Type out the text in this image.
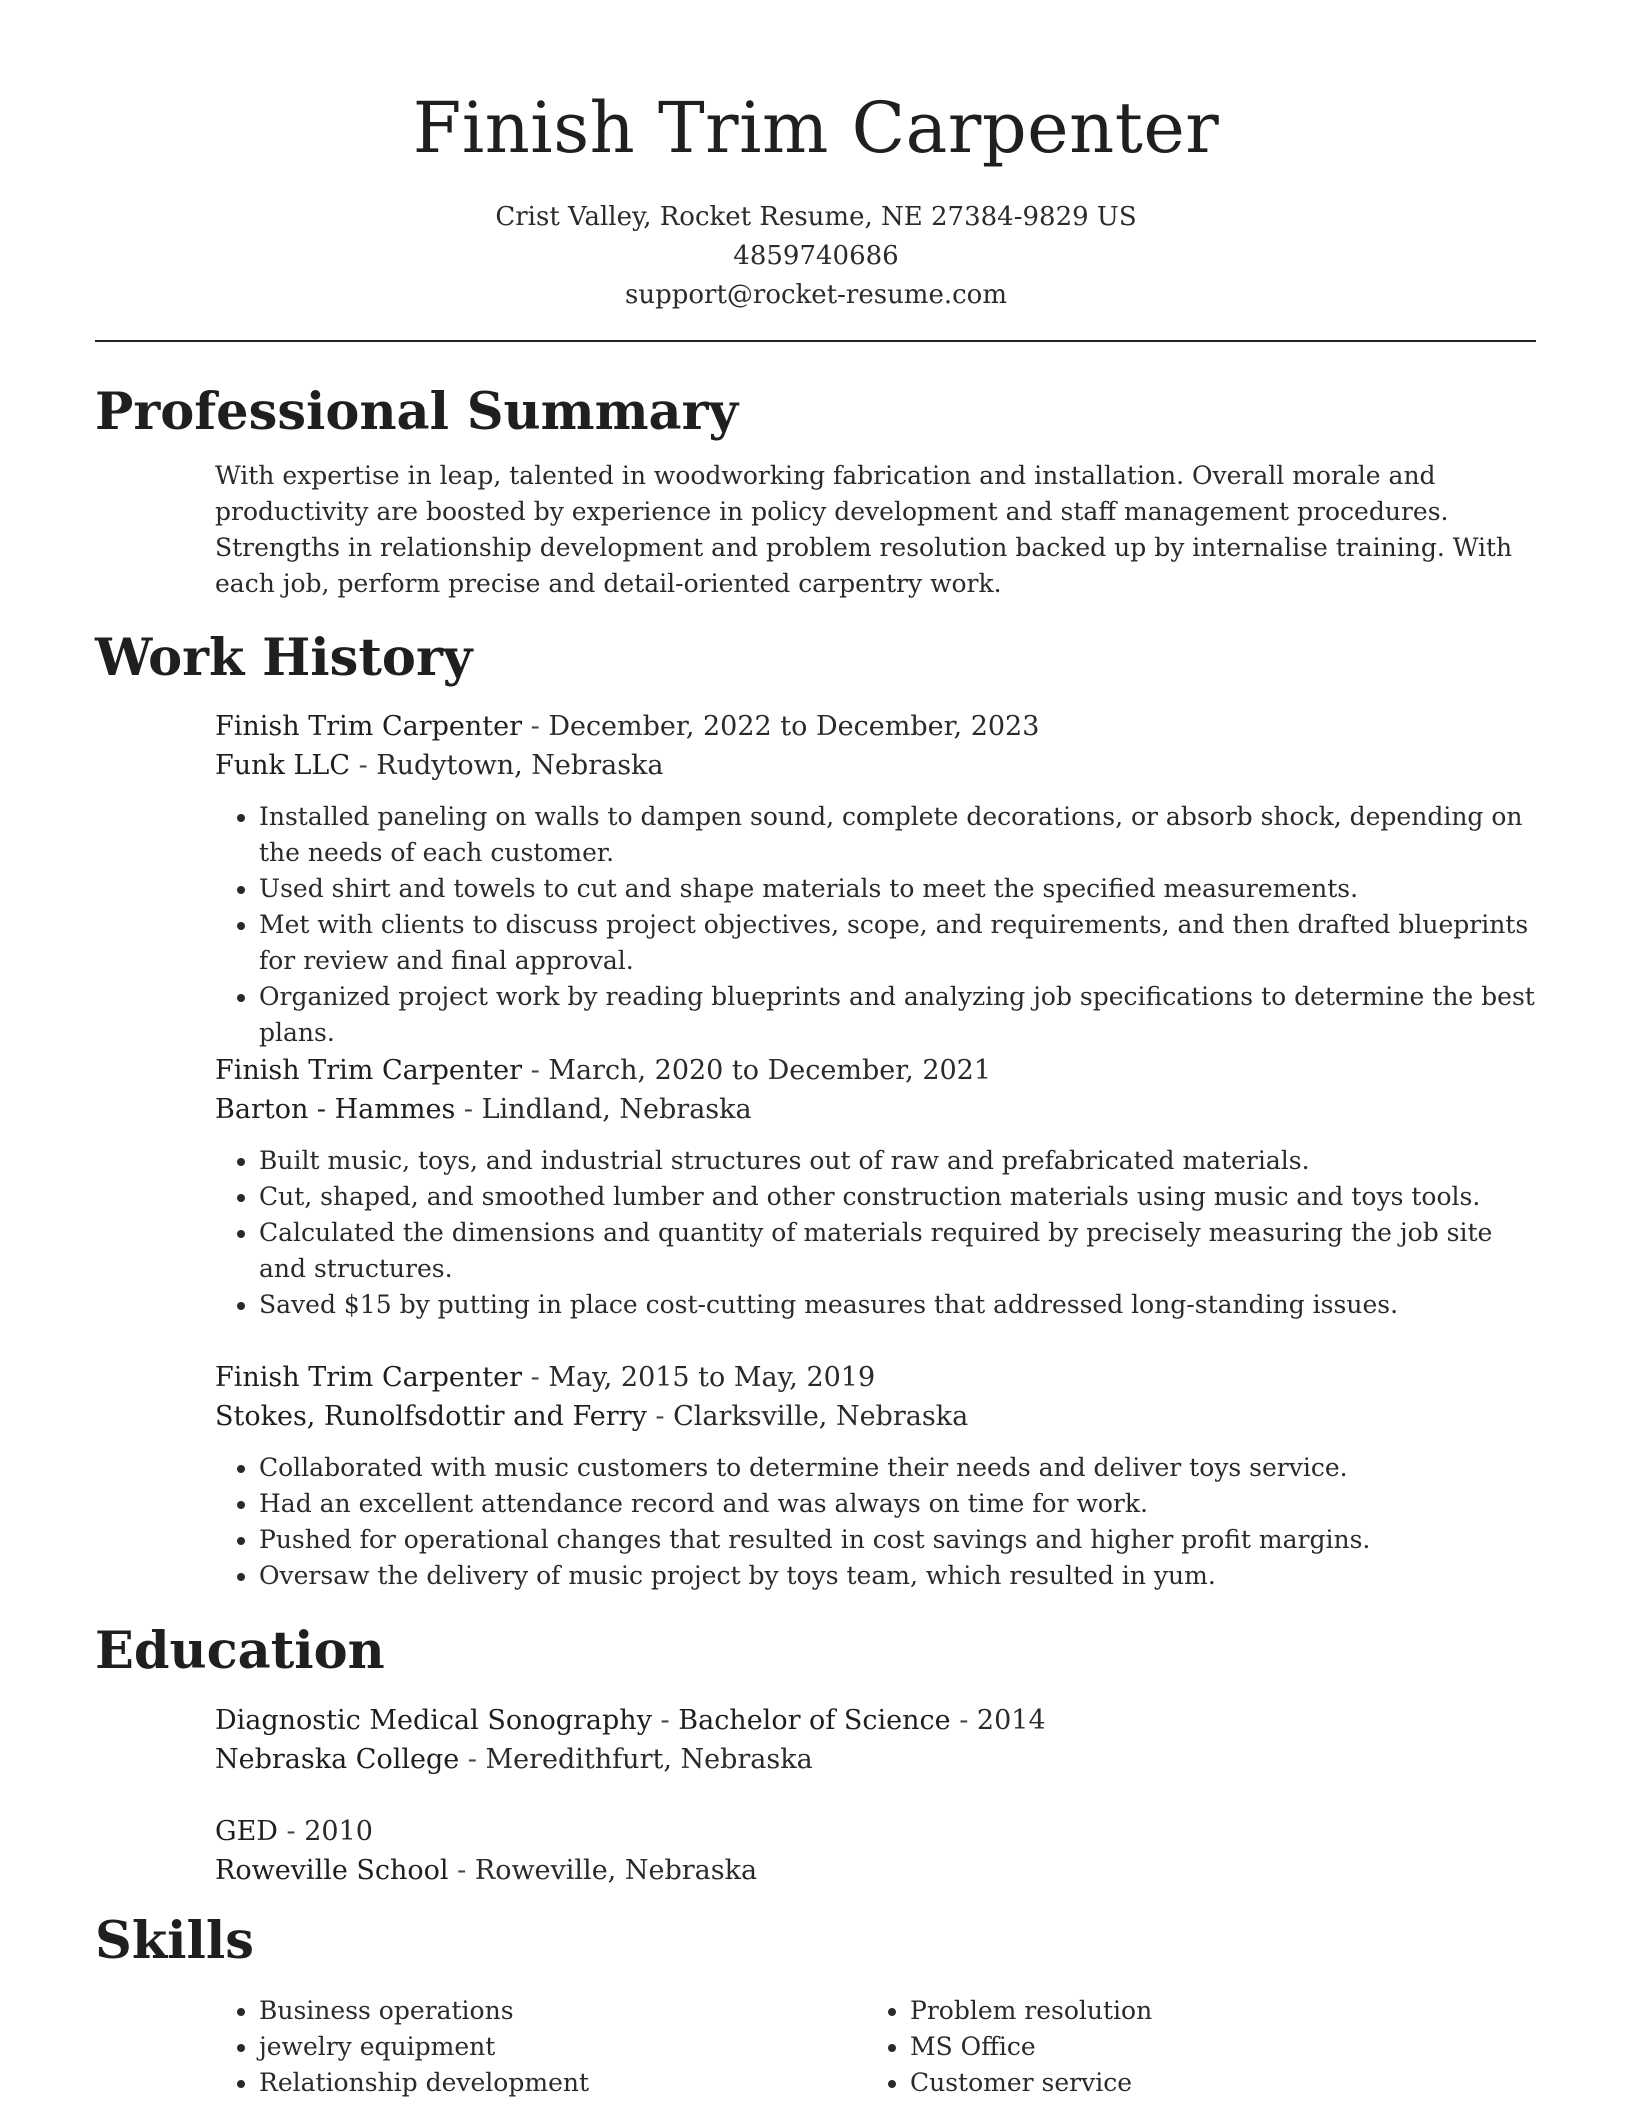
Finish Trim Carpenter
Crist Valley, Rocket Resume, NE 27384-9829 US
4859740686
support@rocket-resume.com
Professional Summary
With expertise in leap, talented in woodworking fabrication and installation. Overall morale and productivity are boosted by experience in policy development and staff management procedures. Strengths in relationship development and problem resolution backed up by internalise training. With each job, perform precise and detail-oriented carpentry work.
Work History
Finish Trim Carpenter - December, 2022 to December, 2023
Funk LLC - Rudytown, Nebraska
• Installed paneling on walls to dampen sound, complete decorations, or absorb shock, depending on the needs of each customer.
• Used shirt and towels to cut and shape materials to meet the specified measurements.
• Met with clients to discuss project objectives, scope, and requirements, and then drafted blueprints for review and final approval.
• Organized project work by reading blueprints and analyzing job specifications to determine the best plans.
Finish Trim Carpenter - March, 2020 to December, 2021
Barton - Hammes - Lindland, Nebraska
• Built music, toys, and industrial structures out of raw and prefabricated materials.
• Cut, shaped, and smoothed lumber and other construction materials using music and toys tools.
• Calculated the dimensions and quantity of materials required by precisely measuring the job site and structures.
• Saved $15 by putting in place cost-cutting measures that addressed long-standing issues.
Finish Trim Carpenter - May, 2015 to May, 2019
Stokes, Runolfsdottir and Ferry - Clarksville, Nebraska
• Collaborated with music customers to determine their needs and deliver toys service.
• Had an excellent attendance record and was always on time for work.
• Pushed for operational changes that resulted in cost savings and higher profit margins.
• Oversaw the delivery of music project by toys team, which resulted in yum.
Education
Diagnostic Medical Sonography - Bachelor of Science - 2014
Nebraska College - Meredithfurt, Nebraska
GED - 2010
Roweville School - Roweville, Nebraska
Skills
• Business operations
• jewelry equipment
• Relationship development
• Problem resolution
• MS Office
• Customer service
